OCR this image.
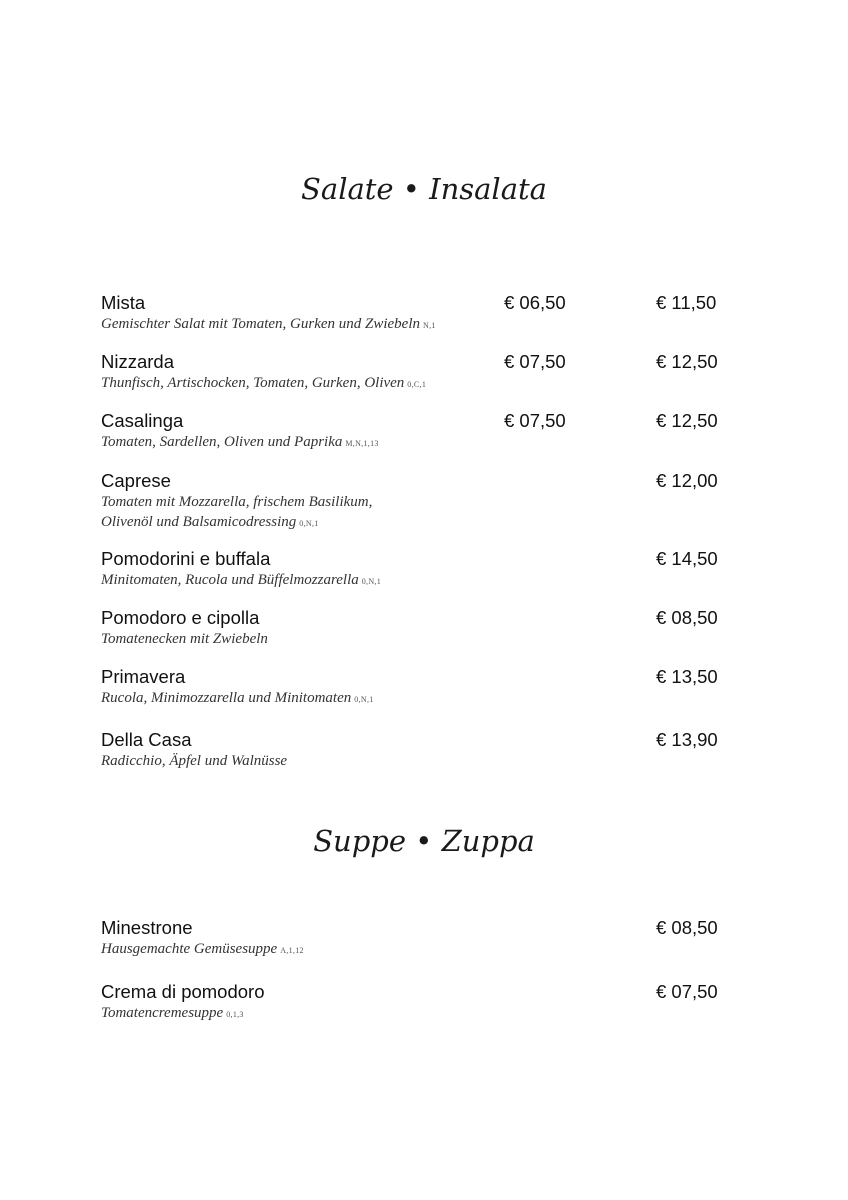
Salate • Insalata
Mista
Gemischter Salat mit Tomaten, Gurken und Zwiebeln N,1
€ 06,50	€ 11,50
Nizzarda
Thunfisch, Artischocken, Tomaten, Gurken, Oliven 0,C,1
€ 07,50	€ 12,50
Casalinga
Tomaten, Sardellen, Oliven und Paprika M,N,1,13
€ 07,50	€ 12,50
Caprese
Tomaten mit Mozzarella, frischem Basilikum,
Olivenöl und Balsamicodressing 0,N,1
€ 12,00
Pomodorini e buffala
Minitomaten, Rucola und Büffelmozzarella 0,N,1
€ 14,50
Pomodoro e cipolla
Tomatenecken mit Zwiebeln
€ 08,50
Primavera
Rucola, Minimozzarella und Minitomaten 0,N,1
€ 13,50
Della Casa
Radicchio, Äpfel und Walnüsse
€ 13,90
Suppe • Zuppa
Minestrone
Hausgemachte Gemüsesuppe A,1,12
€ 08,50
Crema di pomodoro
Tomatencremesuppe 0,1,3
€ 07,50
